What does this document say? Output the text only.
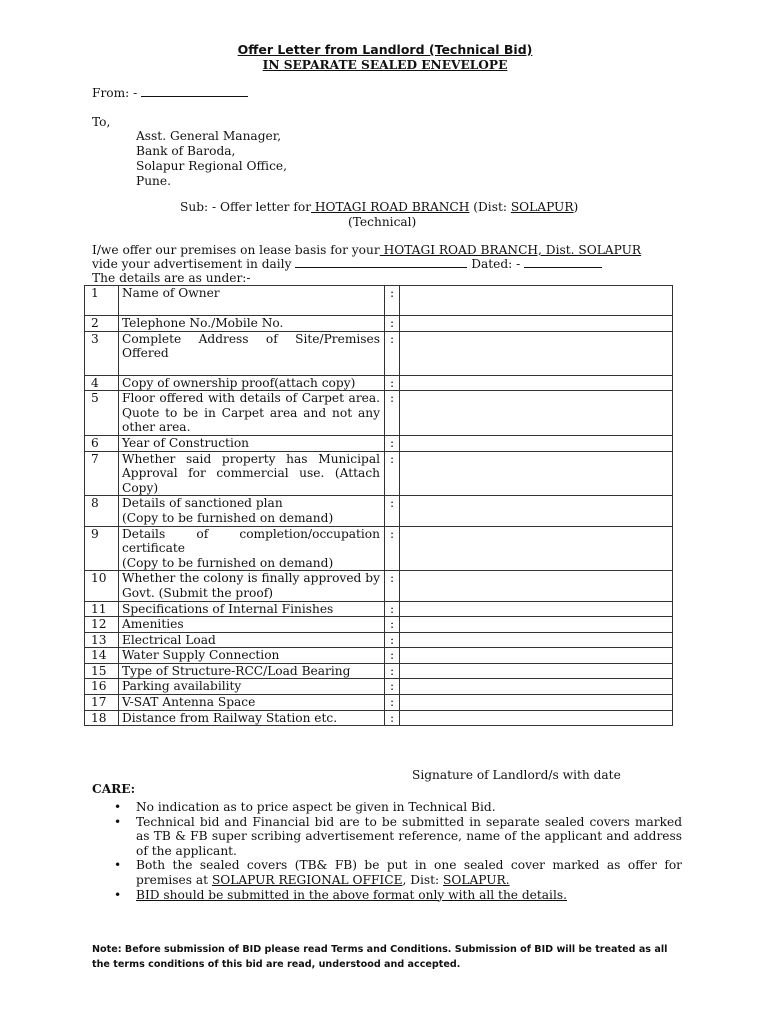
Offer Letter from Landlord (Technical Bid)
IN SEPARATE SEALED ENEVELOPE
From: -
To,
Asst. General Manager,
Bank of Baroda,
Solapur Regional Office,
Pune.
Sub: - Offer letter for HOTAGI ROAD BRANCH (Dist: SOLAPUR)
(Technical)
I/we offer our premises on lease basis for your HOTAGI ROAD BRANCH, Dist. SOLAPUR
vide your advertisement in daily	Dated: -
The details are as under:-
1	Name of Owner	:	
2	Telephone No./Mobile No.	:	
3	Complete Address of Site/Premises Offered	:	
4	Copy of ownership proof(attach copy)	:	
5	Floor offered with details of Carpet area. Quote to be in Carpet area and not any other area.	:	
6	Year of Construction	:	
7	Whether said property has Municipal Approval for commercial use. (Attach Copy)	:	
8	Details of sanctioned plan
(Copy to be furnished on demand)	:	
9	Details of completion/occupation certificate
(Copy to be furnished on demand)	:	
10	Whether the colony is finally approved by Govt. (Submit the proof)	:	
11	Specifications of Internal Finishes	:	
12	Amenities	:	
13	Electrical Load	:	
14	Water Supply Connection	:	
15	Type of Structure-RCC/Load Bearing	:	
16	Parking availability	:	
17	V-SAT Antenna Space	:	
18	Distance from Railway Station etc.	:	
Signature of Landlord/s with date
CARE:
• No indication as to price aspect be given in Technical Bid.
• Technical bid and Financial bid are to be submitted in separate sealed covers marked as TB & FB super scribing advertisement reference, name of the applicant and address of the applicant.
• Both the sealed covers (TB& FB) be put in one sealed cover marked as offer for premises at SOLAPUR REGIONAL OFFICE, Dist: SOLAPUR.
• BID should be submitted in the above format only with all the details.
Note: Before submission of BID please read Terms and Conditions. Submission of BID will be treated as all the terms conditions of this bid are read, understood and accepted.
